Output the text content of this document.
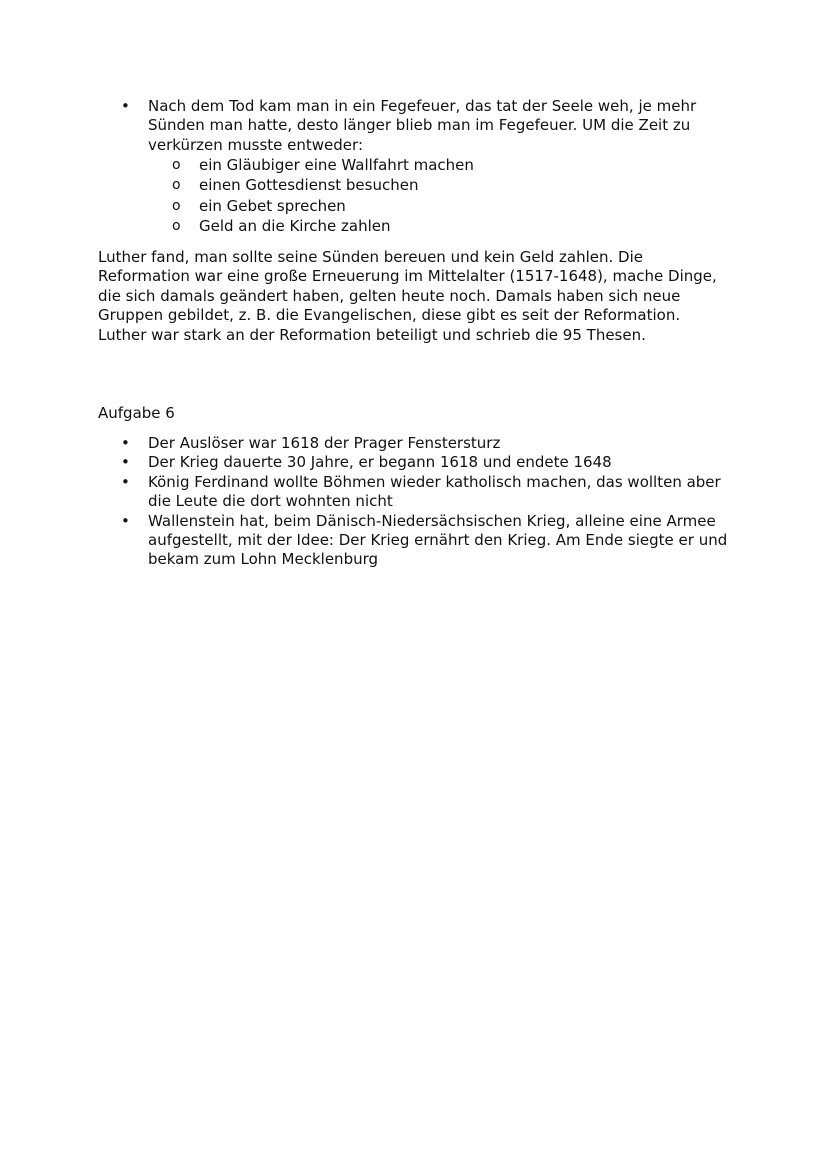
• Nach dem Tod kam man in ein Fegefeuer, das tat der Seele weh, je mehr Sünden man hatte, desto länger blieb man im Fegefeuer. UM die Zeit zu verkürzen musste entweder:
o ein Gläubiger eine Wallfahrt machen
o einen Gottesdienst besuchen
o ein Gebet sprechen
o Geld an die Kirche zahlen

Luther fand, man sollte seine Sünden bereuen und kein Geld zahlen. Die Reformation war eine große Erneuerung im Mittelalter (1517-1648), mache Dinge, die sich damals geändert haben, gelten heute noch. Damals haben sich neue Gruppen gebildet, z. B. die Evangelischen, diese gibt es seit der Reformation. Luther war stark an der Reformation beteiligt und schrieb die 95 Thesen.

Aufgabe 6
• Der Auslöser war 1618 der Prager Fenstersturz
• Der Krieg dauerte 30 Jahre, er begann 1618 und endete 1648
• König Ferdinand wollte Böhmen wieder katholisch machen, das wollten aber die Leute die dort wohnten nicht
• Wallenstein hat, beim Dänisch-Niedersächsischen Krieg, alleine eine Armee aufgestellt, mit der Idee: Der Krieg ernährt den Krieg. Am Ende siegte er und bekam zum Lohn Mecklenburg
